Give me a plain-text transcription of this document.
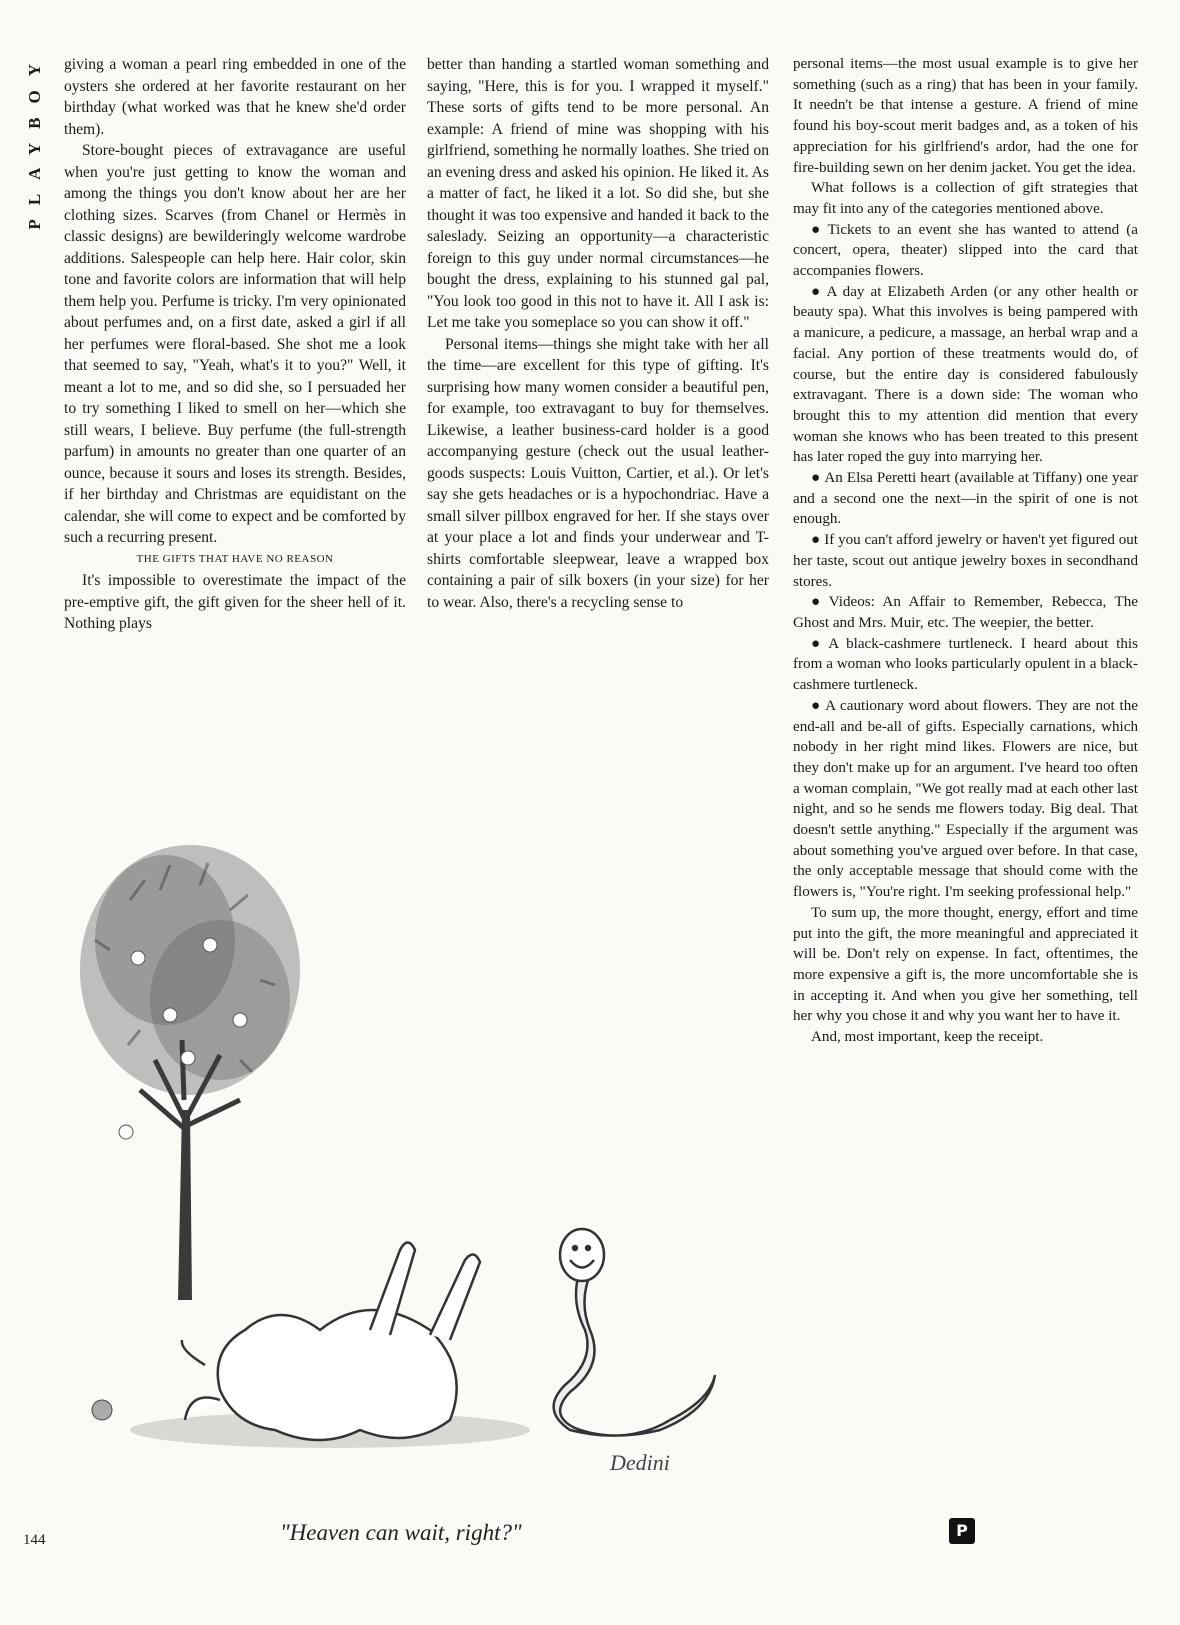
PLAYBOY giving a woman a pearl ring embedded in one of the oysters she ordered at her favorite restaurant on her birthday (what worked was that he knew she'd order them).

Store-bought pieces of extravagance are useful when you're just getting to know the woman and among the things you don't know about her are her clothing sizes. Scarves (from Chanel or Hermès in classic designs) are bewilderingly welcome wardrobe additions. Salespeople can help here. Hair color, skin tone and favorite colors are information that will help them help you. Perfume is tricky. I'm very opinionated about perfumes and, on a first date, asked a girl if all her perfumes were floral-based. She shot me a look that seemed to say, "Yeah, what's it to you?" Well, it meant a lot to me, and so did she, so I persuaded her to try something I liked to smell on her—which she still wears, I believe. Buy perfume (the full-strength parfum) in amounts no greater than one quarter of an ounce, because it sours and loses its strength. Besides, if her birthday and Christmas are equidistant on the calendar, she will come to expect and be comforted by such a recurring present.

THE GIFTS THAT HAVE NO REASON

It's impossible to overestimate the impact of the pre-emptive gift, the gift given for the sheer hell of it. Nothing plays

better than handing a startled woman something and saying, "Here, this is for you. I wrapped it myself." These sorts of gifts tend to be more personal. An example: A friend of mine was shopping with his girlfriend, something he normally loathes. She tried on an evening dress and asked his opinion. He liked it. As a matter of fact, he liked it a lot. So did she, but she thought it was too expensive and handed it back to the saleslady. Seizing an opportunity—a characteristic foreign to this guy under normal circumstances—he bought the dress, explaining to his stunned gal pal, "You look too good in this not to have it. All I ask is: Let me take you someplace so you can show it off."

Personal items—things she might take with her all the time—are excellent for this type of gifting. It's surprising how many women consider a beautiful pen, for example, too extravagant to buy for themselves. Likewise, a leather business-card holder is a good accompanying gesture (check out the usual leather-goods suspects: Louis Vuitton, Cartier, et al.). Or let's say she gets headaches or is a hypochondriac. Have a small silver pillbox engraved for her. If she stays over at your place a lot and finds your underwear and T-shirts comfortable sleepwear, leave a wrapped box containing a pair of silk boxers (in your size) for her to wear. Also, there's a recycling sense to

personal items—the most usual example is to give her something (such as a ring) that has been in your family. It needn't be that intense a gesture. A friend of mine found his boy-scout merit badges and, as a token of his appreciation for his girlfriend's ardor, had the one for fire-building sewn on her denim jacket. You get the idea.

What follows is a collection of gift strategies that may fit into any of the categories mentioned above.

● Tickets to an event she has wanted to attend (a concert, opera, theater) slipped into the card that accompanies flowers.

● A day at Elizabeth Arden (or any other health or beauty spa). What this involves is being pampered with a manicure, a pedicure, a massage, an herbal wrap and a facial. Any portion of these treatments would do, of course, but the entire day is considered fabulously extravagant. There is a down side: The woman who brought this to my attention did mention that every woman she knows who has been treated to this present has later roped the guy into marrying her.

● An Elsa Peretti heart (available at Tiffany) one year and a second one the next—in the spirit of one is not enough.

● If you can't afford jewelry or haven't yet figured out her taste, scout out antique jewelry boxes in secondhand stores.

● Videos: An Affair to Remember, Rebecca, The Ghost and Mrs. Muir, etc. The weepier, the better.

● A black-cashmere turtleneck. I heard about this from a woman who looks particularly opulent in a black-cashmere turtleneck.

● A cautionary word about flowers. They are not the end-all and be-all of gifts. Especially carnations, which nobody in her right mind likes. Flowers are nice, but they don't make up for an argument. I've heard too often a woman complain, "We got really mad at each other last night, and so he sends me flowers today. Big deal. That doesn't settle anything." Especially if the argument was about something you've argued over before. In that case, the only acceptable message that should come with the flowers is, "You're right. I'm seeking professional help."

To sum up, the more thought, energy, effort and time put into the gift, the more meaningful and appreciated it will be. Don't rely on expense. In fact, oftentimes, the more expensive a gift is, the more uncomfortable she is in accepting it. And when you give her something, tell her why you chose it and why you want her to have it.

And, most important, keep the receipt.

Dedini
144	"Heaven can wait, right?"	P
